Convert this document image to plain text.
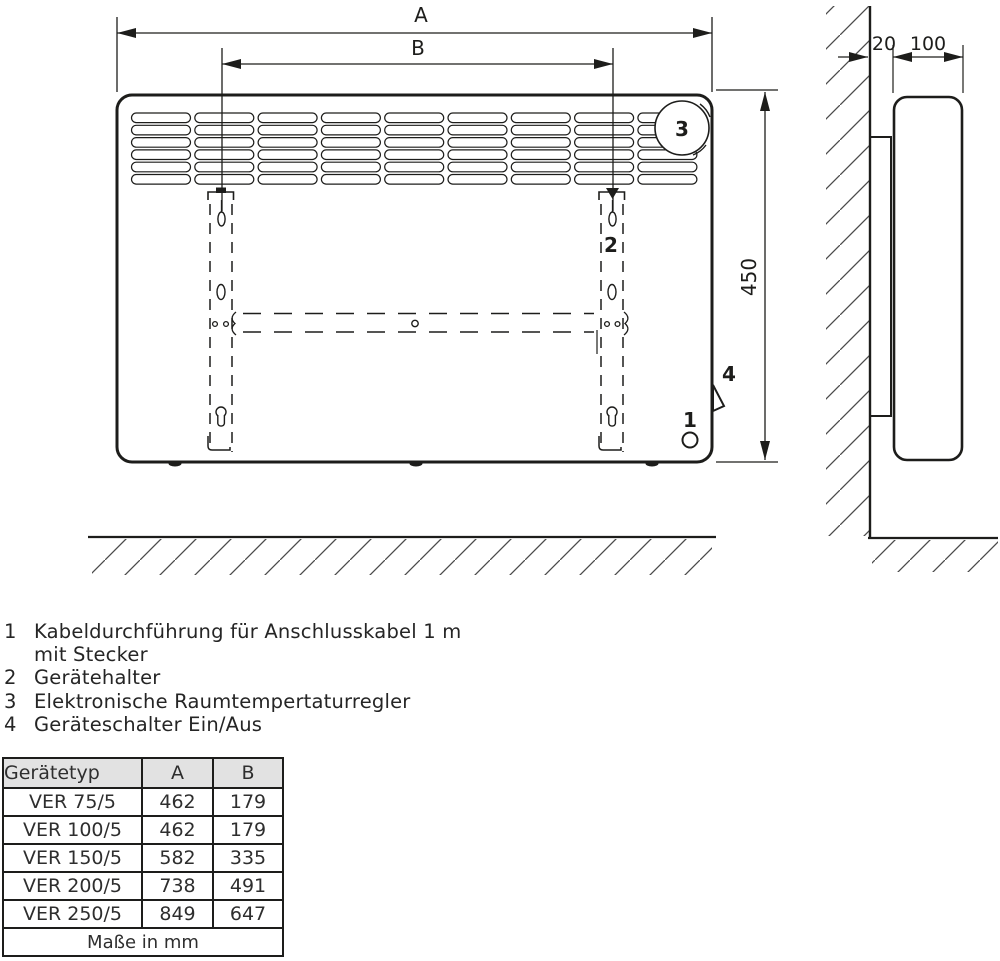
3
A
B
2
4
1
450
20 100
1 Kabeldurchführung für Anschlusskabel 1 m
mit Stecker
2 Gerätehalter
3 Elektronische Raumtempertaturregler
4 Geräteschalter Ein/Aus
Gerätetyp	A	B
VER 75/5	462	179
VER 100/5	462	179
VER 150/5	582	335
VER 200/5	738	491
VER 250/5	849	647
Maße in mm		
